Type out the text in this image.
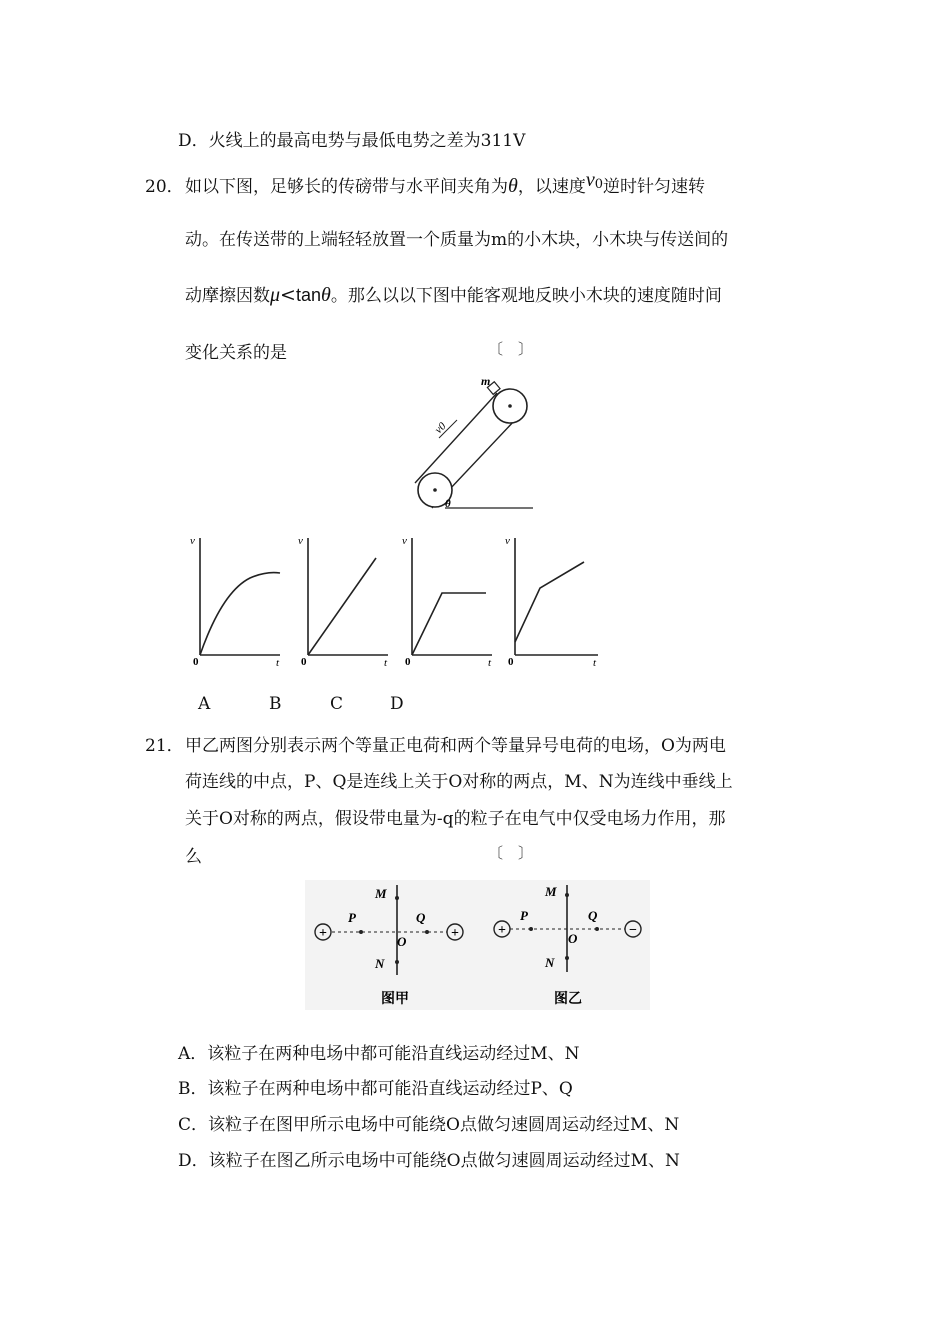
D．火线上的最高电势与最低电势之差为311V
20． 如以下图，足够长的传磅带与水平间夹角为θ，以速度$v^0$逆时针匀速转
动。在传送带的上端轻轻放置一个质量为m的小木块，小木块与传送间的
动摩擦因数μ<tanθ。那么以以下图中能客观地反映小木块的速度随时间
变化关系的是	〔　〕
m
v0
θ
v
0	t
v
0	t
v
0	t
v
0	t
A	B	C	D
21． 甲乙两图分别表示两个等量正电荷和两个等量异号电荷的电场，O为两电
荷连线的中点，P、Q是连线上关于O对称的两点，M、N为连线中垂线上
关于O对称的两点，假设带电量为-q的粒子在电气中仅受电场力作用，那
么	〔　〕
+	+
M
P	Q
O
N
图甲
+	−
M
P	Q
O
N
图乙
A．该粒子在两种电场中都可能沿直线运动经过M、N
B．该粒子在两种电场中都可能沿直线运动经过P、Q
C．该粒子在图甲所示电场中可能绕O点做匀速圆周运动经过M、N
D．该粒子在图乙所示电场中可能绕O点做匀速圆周运动经过M、N
